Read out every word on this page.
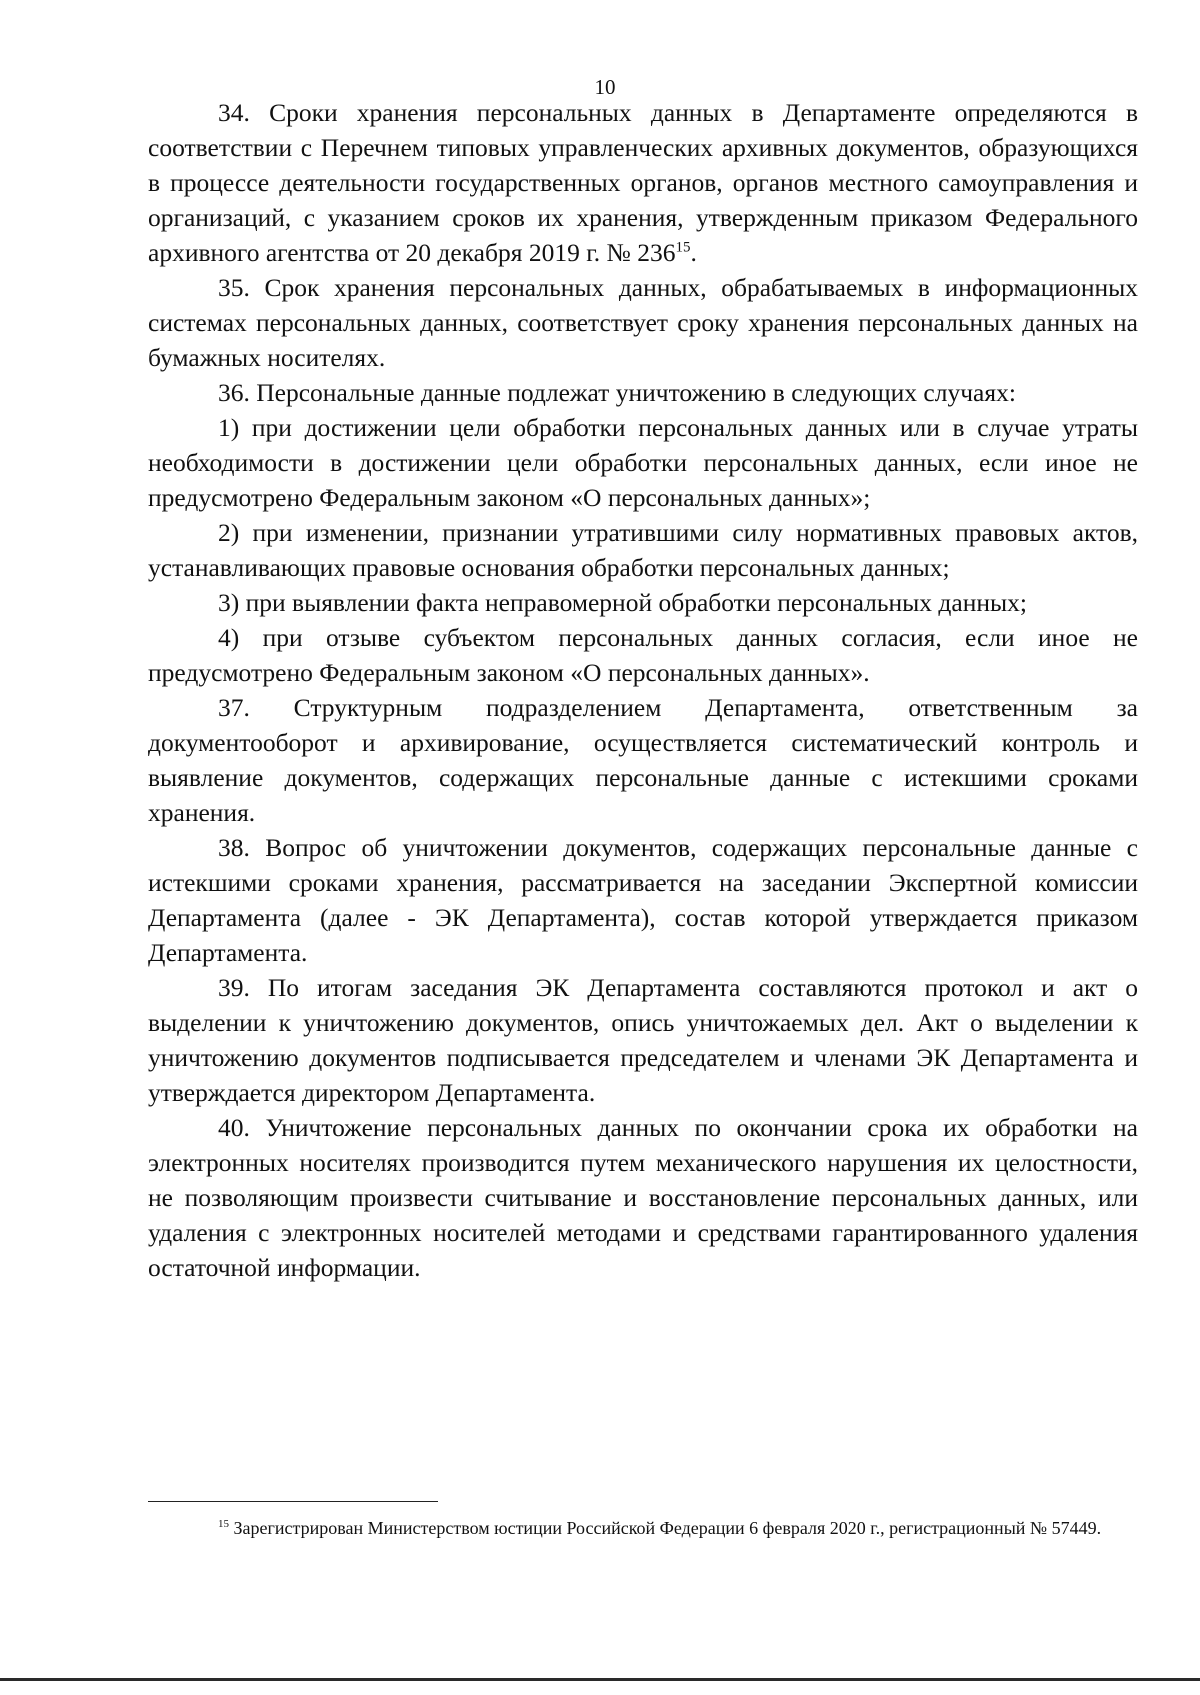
10

34. Сроки хранения персональных данных в Департаменте определяются в соответствии с Перечнем типовых управленческих архивных документов, образующихся в процессе деятельности государственных органов, органов местного самоуправления и организаций, с указанием сроков их хранения, утвержденным приказом Федерального архивного агентства от 20 декабря 2019 г. № $236^{15}$.

35. Срок хранения персональных данных, обрабатываемых в информационных системах персональных данных, соответствует сроку хранения персональных данных на бумажных носителях.

36. Персональные данные подлежат уничтожению в следующих случаях:

1) при достижении цели обработки персональных данных или в случае утраты необходимости в достижении цели обработки персональных данных, если иное не предусмотрено Федеральным законом «О персональных данных»;

2) при изменении, признании утратившими силу нормативных правовых актов, устанавливающих правовые основания обработки персональных данных;

3) при выявлении факта неправомерной обработки персональных данных;

4) при отзыве субъектом персональных данных согласия, если иное не предусмотрено Федеральным законом «О персональных данных».

37. Структурным подразделением Департамента, ответственным за документооборот и архивирование, осуществляется систематический контроль и выявление документов, содержащих персональные данные с истекшими сроками хранения.

38. Вопрос об уничтожении документов, содержащих персональные данные с истекшими сроками хранения, рассматривается на заседании Экспертной комиссии Департамента (далее - ЭК Департамента), состав которой утверждается приказом Департамента.

39. По итогам заседания ЭК Департамента составляются протокол и акт о выделении к уничтожению документов, опись уничтожаемых дел. Акт о выделении к уничтожению документов подписывается председателем и членами ЭК Департамента и утверждается директором Департамента.

40. Уничтожение персональных данных по окончании срока их обработки на электронных носителях производится путем механического нарушения их целостности, не позволяющим произвести считывание и восстановление персональных данных, или удаления с электронных носителей методами и средствами гарантированного удаления остаточной информации.

$^{15}$ Зарегистрирован Министерством юстиции Российской Федерации 6 февраля 2020 г., регистрационный № 57449.
